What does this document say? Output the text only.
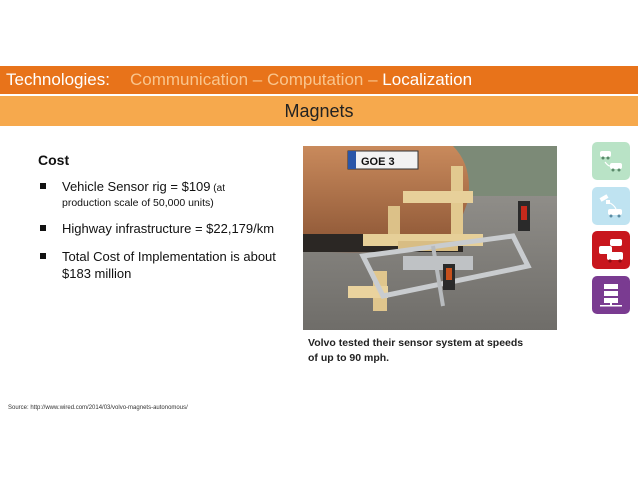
Technologies: Communication – Computation – Localization
Magnets
Cost
Vehicle Sensor rig = $109 (at
production scale of 50,000 units)
Highway infrastructure = $22,179/km
Total Cost of Implementation is about
$183 million
GOE 3
Volvo tested their sensor system at speeds
of up to 90 mph.
Source: http://www.wired.com/2014/03/volvo-magnets-autonomous/
